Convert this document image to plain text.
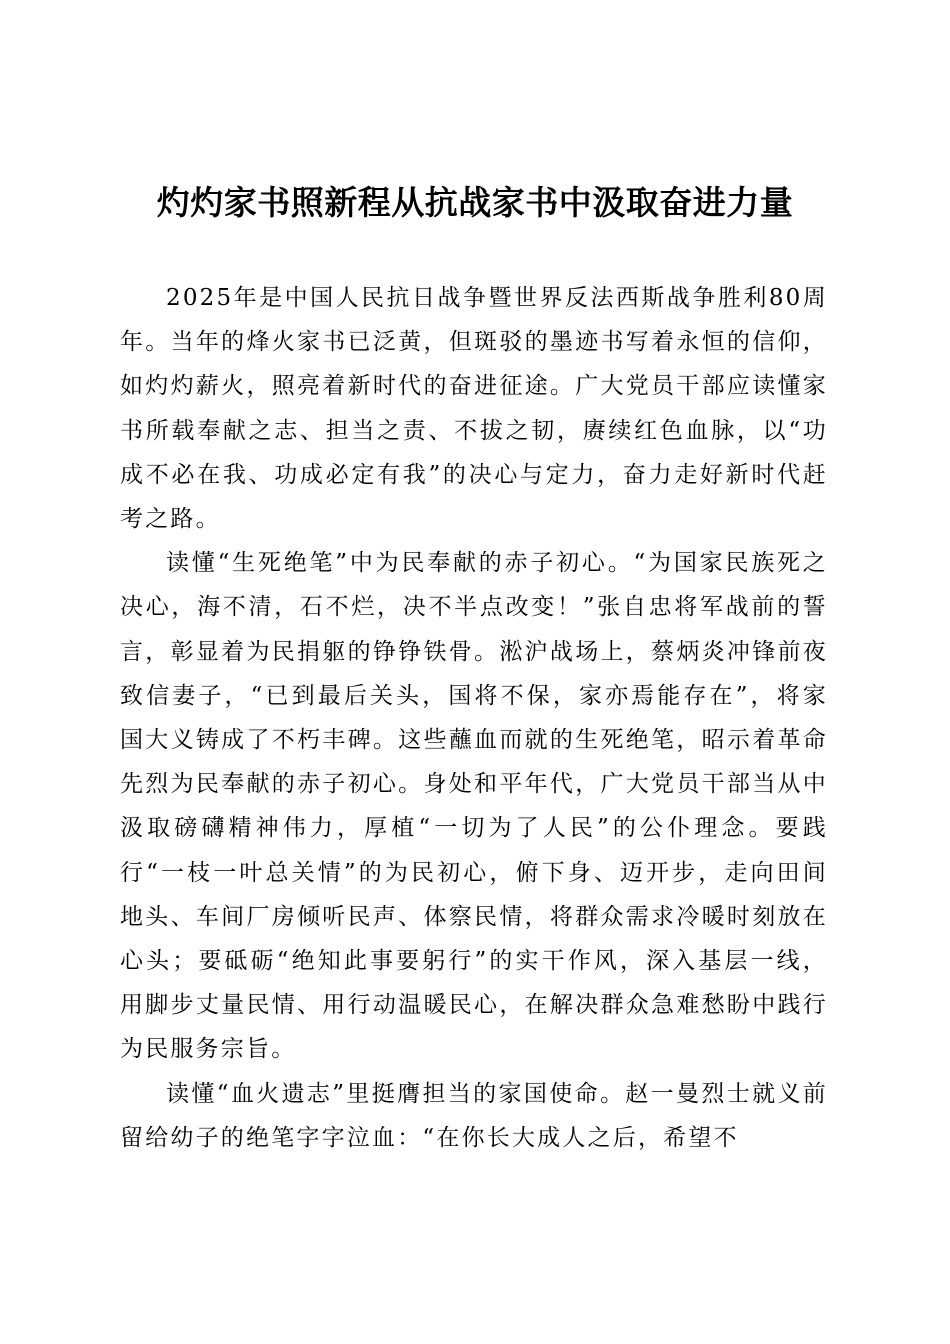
灼灼家书照新程从抗战家书中汲取奋进力量

2025年是中国人民抗日战争暨世界反法西斯战争胜利80周年。当年的烽火家书已泛黄，但斑驳的墨迹书写着永恒的信仰，如灼灼薪火，照亮着新时代的奋进征途。广大党员干部应读懂家书所载奉献之志、担当之责、不拔之韧，赓续红色血脉，以“功成不必在我、功成必定有我”的决心与定力，奋力走好新时代赶考之路。

读懂“生死绝笔”中为民奉献的赤子初心。“为国家民族死之决心，海不清，石不烂，决不半点改变！”张自忠将军战前的誓言，彰显着为民捐躯的铮铮铁骨。淞沪战场上，蔡炳炎冲锋前夜致信妻子，“已到最后关头，国将不保，家亦焉能存在”，将家国大义铸成了不朽丰碑。这些蘸血而就的生死绝笔，昭示着革命先烈为民奉献的赤子初心。身处和平年代，广大党员干部当从中汲取磅礴精神伟力，厚植“一切为了人民”的公仆理念。要践行“一枝一叶总关情”的为民初心，俯下身、迈开步，走向田间地头、车间厂房倾听民声、体察民情，将群众需求冷暖时刻放在心头；要砥砺“绝知此事要躬行”的实干作风，深入基层一线，用脚步丈量民情、用行动温暖民心，在解决群众急难愁盼中践行为民服务宗旨。

读懂“血火遗志”里挺膺担当的家国使命。赵一曼烈士就义前留给幼子的绝笔字字泣血：“在你长大成人之后，希望不
